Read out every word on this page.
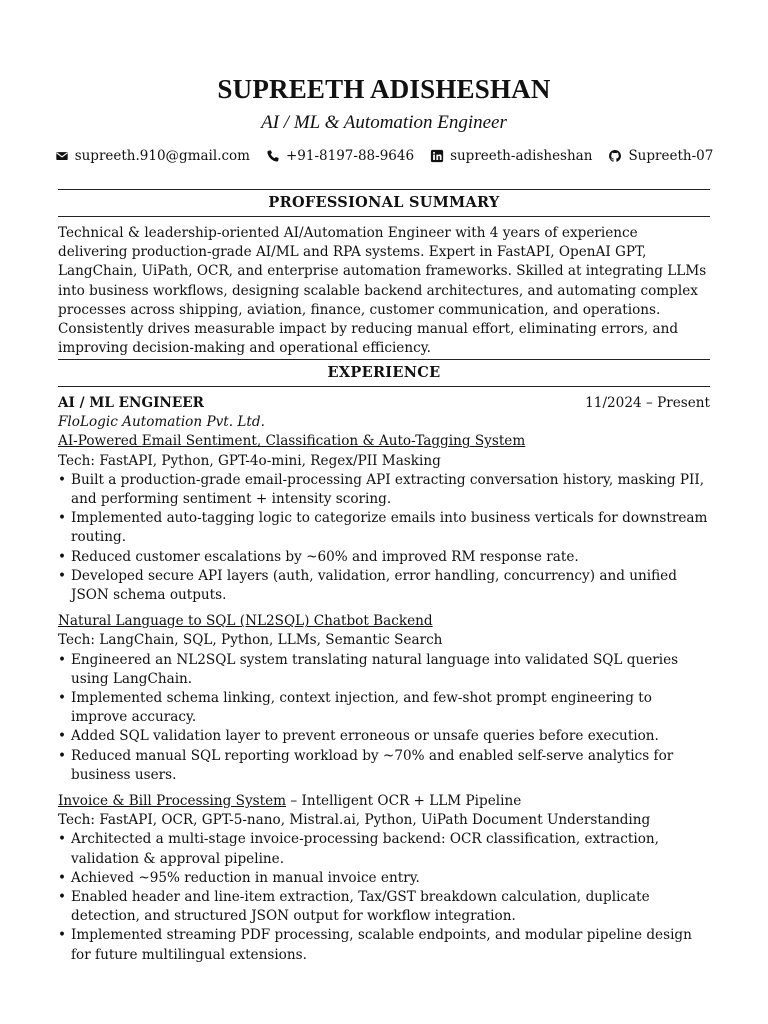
SUPREETH ADISHESHAN
AI / ML & Automation Engineer
supreeth.910@gmail.com	+91-8197-88-9646	supreeth-adisheshan	Supreeth-07
PROFESSIONAL SUMMARY

Technical & leadership-oriented AI/Automation Engineer with 4 years of experience delivering production-grade AI/ML and RPA systems. Expert in FastAPI, OpenAI GPT, LangChain, UiPath, OCR, and enterprise automation frameworks. Skilled at integrating LLMs into business workflows, designing scalable backend architectures, and automating complex processes across shipping, aviation, finance, customer communication, and operations. Consistently drives measurable impact by reducing manual effort, eliminating errors, and improving decision-making and operational efficiency.

EXPERIENCE
AI / ML ENGINEER	11/2024 – Present
FloLogic Automation Pvt. Ltd.
AI-Powered Email Sentiment, Classification & Auto-Tagging System
Tech: FastAPI, Python, GPT-4o-mini, Regex/PII Masking
• Built a production-grade email-processing API extracting conversation history, masking PII, and performing sentiment + intensity scoring.
• Implemented auto-tagging logic to categorize emails into business verticals for downstream routing.
• Reduced customer escalations by ~60% and improved RM response rate.
• Developed secure API layers (auth, validation, error handling, concurrency) and unified JSON schema outputs.
Natural Language to SQL (NL2SQL) Chatbot Backend
Tech: LangChain, SQL, Python, LLMs, Semantic Search
• Engineered an NL2SQL system translating natural language into validated SQL queries using LangChain.
• Implemented schema linking, context injection, and few-shot prompt engineering to improve accuracy.
• Added SQL validation layer to prevent erroneous or unsafe queries before execution.
• Reduced manual SQL reporting workload by ~70% and enabled self-serve analytics for business users.
Invoice & Bill Processing System – Intelligent OCR + LLM Pipeline
Tech: FastAPI, OCR, GPT-5-nano, Mistral.ai, Python, UiPath Document Understanding
• Architected a multi-stage invoice-processing backend: OCR classification, extraction, validation & approval pipeline.
• Achieved ~95% reduction in manual invoice entry.
• Enabled header and line-item extraction, Tax/GST breakdown calculation, duplicate detection, and structured JSON output for workflow integration.
• Implemented streaming PDF processing, scalable endpoints, and modular pipeline design for future multilingual extensions.
